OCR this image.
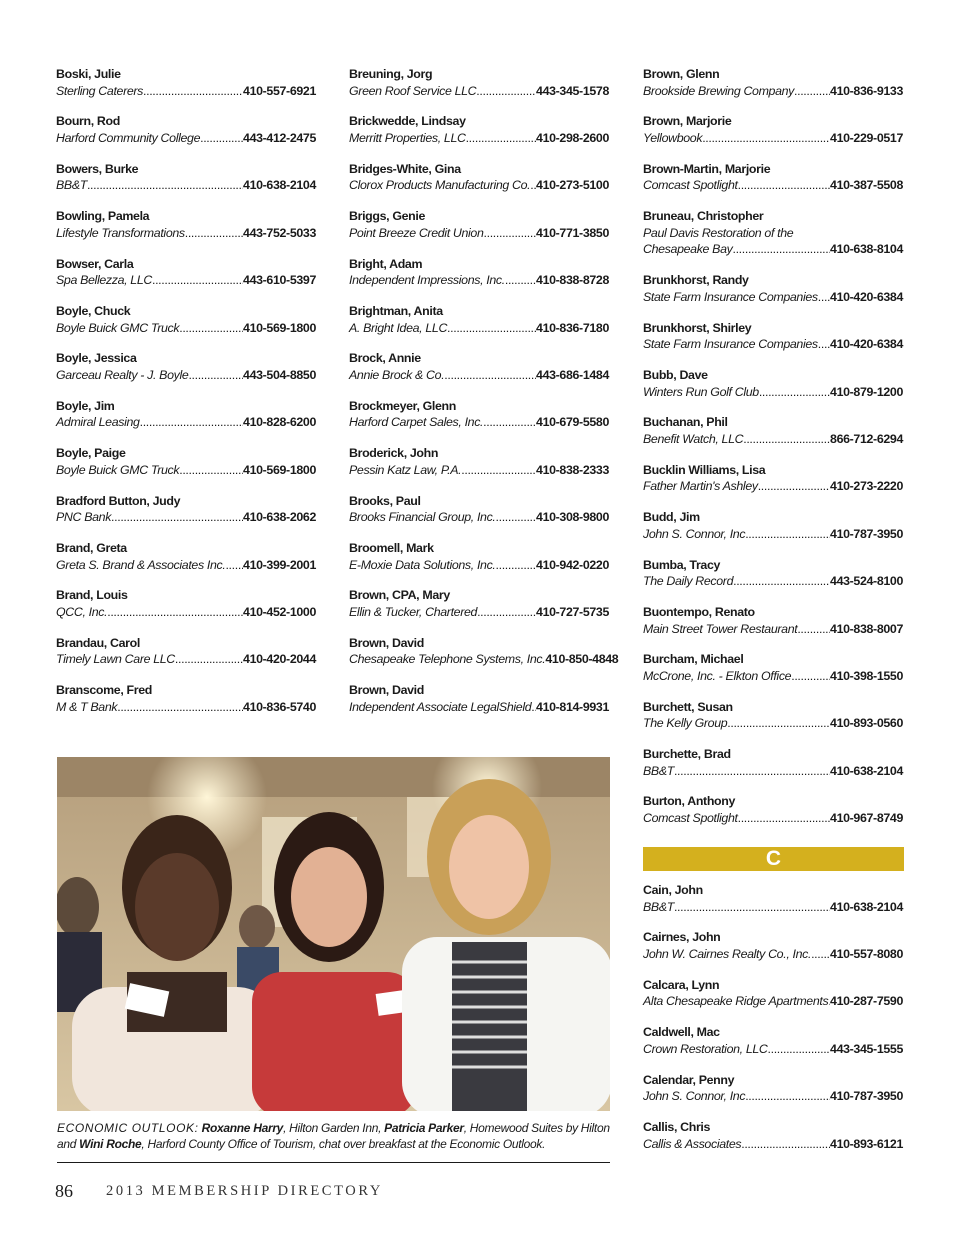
Boski, Julie
Sterling Caterers .....	410-557-6921
Bourn, Rod
Harford Community College .....	443-412-2475
Bowers, Burke
BB&T .....	410-638-2104
Bowling, Pamela
Lifestyle Transformations .....	443-752-5033
Bowser, Carla
Spa Bellezza, LLC .....	443-610-5397
Boyle, Chuck
Boyle Buick GMC Truck .....	410-569-1800
Boyle, Jessica
Garceau Realty - J. Boyle .....	443-504-8850
Boyle, Jim
Admiral Leasing .....	410-828-6200
Boyle, Paige
Boyle Buick GMC Truck .....	410-569-1800
Bradford Button, Judy
PNC Bank .....	410-638-2062
Brand, Greta
Greta S. Brand & Associates Inc. ..... 410-399-2001
Brand, Louis
QCC, Inc. .....	410-452-1000
Brandau, Carol
Timely Lawn Care LLC .....	410-420-2044
Branscome, Fred
M & T Bank .....	410-836-5740
Breuning, Jorg
Green Roof Service LLC .....	443-345-1578
Brickwedde, Lindsay
Merritt Properties, LLC .....	410-298-2600
Bridges-White, Gina
Clorox Products Manufacturing Co. ..... 410-273-5100
Briggs, Genie
Point Breeze Credit Union .....	410-771-3850
Bright, Adam
Independent Impressions, Inc. .....	410-838-8728
Brightman, Anita
A. Bright Idea, LLC .....	410-836-7180
Brock, Annie
Annie Brock & Co. .....	443-686-1484
Brockmeyer, Glenn
Harford Carpet Sales, Inc. .....	410-679-5580
Broderick, John
Pessin Katz Law, P.A. .....	410-838-2333
Brooks, Paul
Brooks Financial Group, Inc. .....	410-308-9800
Broomell, Mark
E-Moxie Data Solutions, Inc. .....	410-942-0220
Brown, CPA, Mary
Ellin & Tucker, Chartered .....	410-727-5735
Brown, David
Chesapeake Telephone Systems, Inc. 410-850-4848
Brown, David
Independent Associate LegalShield ..... 410-814-9931
Brown, Glenn
Brookside Brewing Company .....	410-836-9133
Brown, Marjorie
Yellowbook .....	410-229-0517
Brown-Martin, Marjorie
Comcast Spotlight .....	410-387-5508
Bruneau, Christopher
Paul Davis Restoration of the
Chesapeake Bay .....	410-638-8104
Brunkhorst, Randy
State Farm Insurance Companies ..... 410-420-6384
Brunkhorst, Shirley
State Farm Insurance Companies ..... 410-420-6384
Bubb, Dave
Winters Run Golf Club .....	410-879-1200
Buchanan, Phil
Benefit Watch, LLC .....	866-712-6294
Bucklin Williams, Lisa
Father Martin's Ashley .....	410-273-2220
Budd, Jim
John S. Connor, Inc .....	410-787-3950
Bumba, Tracy
The Daily Record .....	443-524-8100
Buontempo, Renato
Main Street Tower Restaurant .....	410-838-8007
Burcham, Michael
McCrone, Inc. - Elkton Office .....	410-398-1550
Burchett, Susan
The Kelly Group .....	410-893-0560
Burchette, Brad
BB&T .....	410-638-2104
Burton, Anthony
Comcast Spotlight .....	410-967-8749
C
Cain, John
BB&T .....	410-638-2104
Cairnes, John
John W. Cairnes Realty Co., Inc. ..... 410-557-8080
Calcara, Lynn
Alta Chesapeake Ridge Apartments ..... 410-287-7590
Caldwell, Mac
Crown Restoration, LLC .....	443-345-1555
Calendar, Penny
John S. Connor, Inc .....	410-787-3950
Callis, Chris
Callis & Associates .....	410-893-6121
ECONOMIC OUTLOOK: Roxanne Harry, Hilton Garden Inn, Patricia Parker, Homewood Suites by Hilton and Wini Roche, Harford County Office of Tourism, chat over breakfast at the Economic Outlook.
86 2013 MEMBERSHIP DIRECTORY
